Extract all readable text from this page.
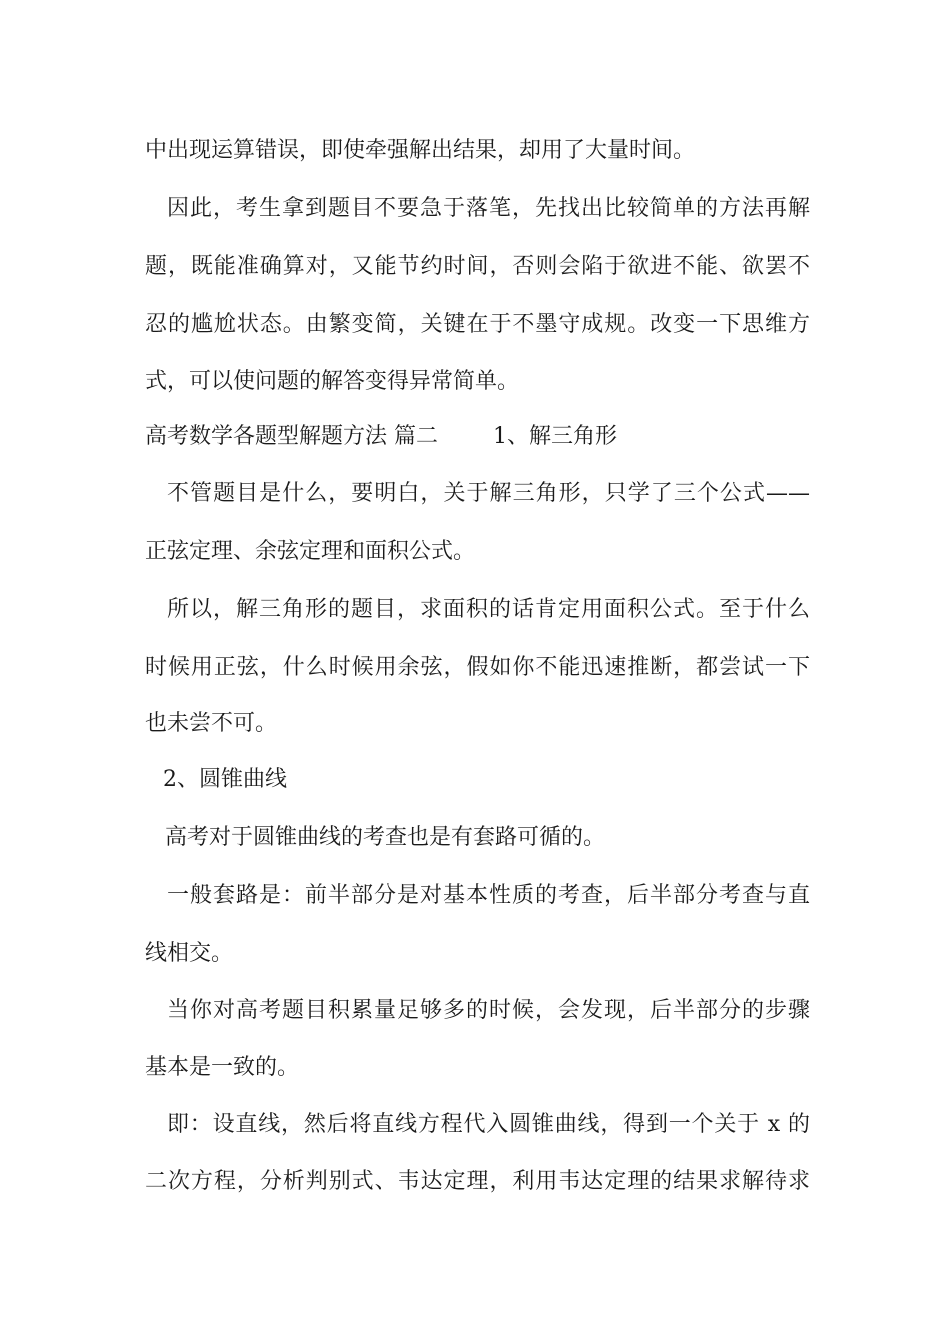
中出现运算错误，即使牵强解出结果，却用了大量时间。
因此，考生拿到题目不要急于落笔，先找出比较简单的方法再解
题，既能准确算对，又能节约时间，否则会陷于欲进不能、欲罢不
忍的尴尬状态。由繁变简，关键在于不墨守成规。改变一下思维方
式，可以使问题的解答变得异常简单。
高考数学各题型解题方法 篇二	1、解三角形
不管题目是什么，要明白，关于解三角形，只学了三个公式——
正弦定理、余弦定理和面积公式。
所以，解三角形的题目，求面积的话肯定用面积公式。至于什么
时候用正弦，什么时候用余弦，假如你不能迅速推断，都尝试一下
也未尝不可。
2、圆锥曲线
高考对于圆锥曲线的考查也是有套路可循的。
一般套路是：前半部分是对基本性质的考查，后半部分考查与直
线相交。
当你对高考题目积累量足够多的时候，会发现，后半部分的步骤
基本是一致的。
即：设直线，然后将直线方程代入圆锥曲线，得到一个关于 x 的
二次方程，分析判别式、韦达定理，利用韦达定理的结果求解待求
